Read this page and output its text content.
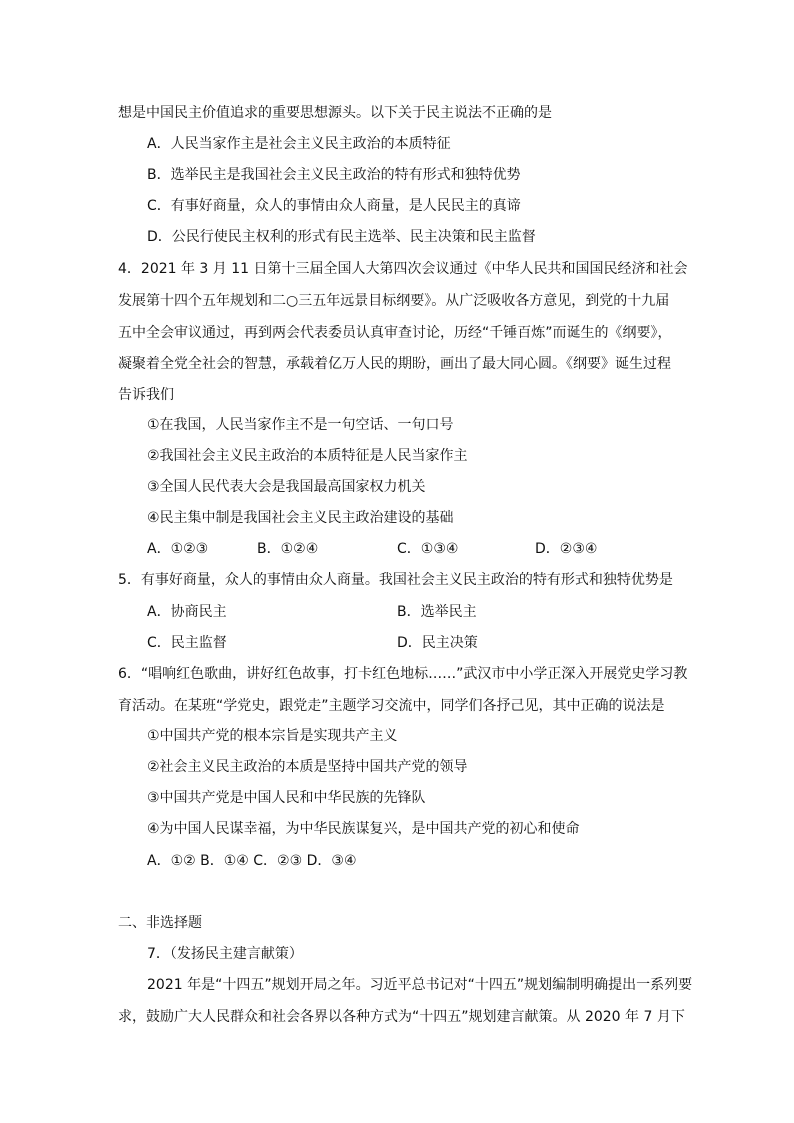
想是中国民主价值追求的重要思想源头。以下关于民主说法不正确的是
A．人民当家作主是社会主义民主政治的本质特征
B．选举民主是我国社会主义民主政治的特有形式和独特优势
C．有事好商量，众人的事情由众人商量，是人民民主的真谛
D．公民行使民主权利的形式有民主选举、民主决策和民主监督
4．2021 年 3 月 11 日第十三届全国人大第四次会议通过《中华人民共和国国民经济和社会
发展第十四个五年规划和二○三五年远景目标纲要》。从广泛吸收各方意见，到党的十九届
五中全会审议通过，再到两会代表委员认真审查讨论，历经“千锤百炼”而诞生的《纲要》，
凝聚着全党全社会的智慧，承载着亿万人民的期盼，画出了最大同心圆。《纲要》诞生过程
告诉我们
①在我国，人民当家作主不是一句空话、一句口号
②我国社会主义民主政治的本质特征是人民当家作主
③全国人民代表大会是我国最高国家权力机关
④民主集中制是我国社会主义民主政治建设的基础
A．①②③	B．①②④	C．①③④	D．②③④
5．有事好商量，众人的事情由众人商量。我国社会主义民主政治的特有形式和独特优势是
A．协商民主	B．选举民主
C．民主监督	D．民主决策
6．“唱响红色歌曲，讲好红色故事，打卡红色地标……”武汉市中小学正深入开展党史学习教
育活动。在某班“学党史，跟党走”主题学习交流中，同学们各抒己见，其中正确的说法是
①中国共产党的根本宗旨是实现共产主义
②社会主义民主政治的本质是坚持中国共产党的领导
③中国共产党是中国人民和中华民族的先锋队
④为中国人民谋幸福，为中华民族谋复兴，是中国共产党的初心和使命
A．①② B．①④ C．②③ D．③④
二、非选择题
7．（发扬民主建言献策）
2021 年是“十四五”规划开局之年。习近平总书记对“十四五”规划编制明确提出一系列要
求，鼓励广大人民群众和社会各界以各种方式为“十四五”规划建言献策。从 2020 年 7 月下
